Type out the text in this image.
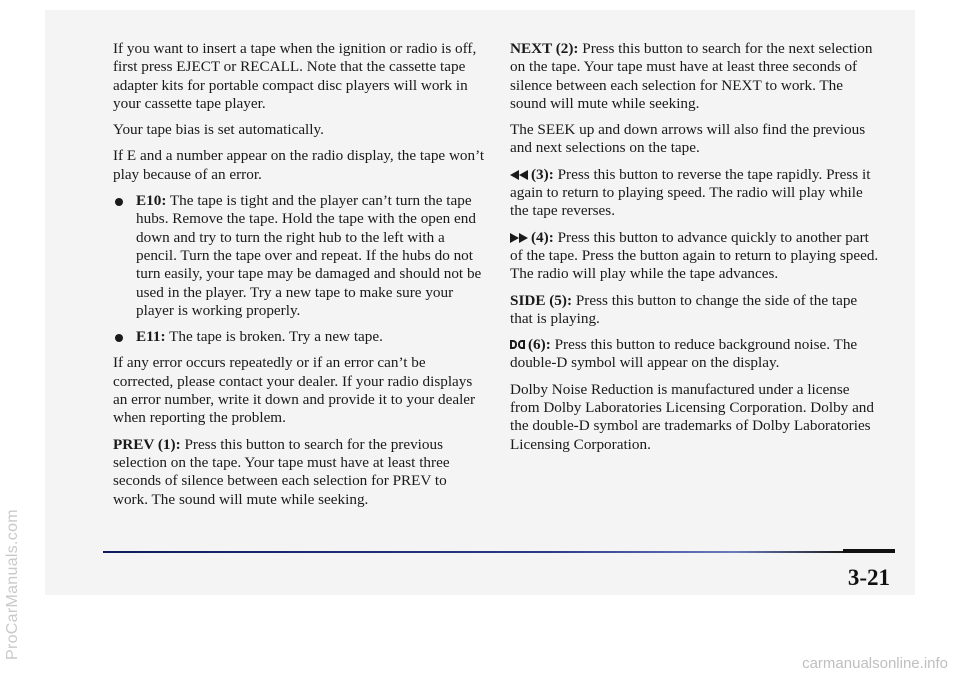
If you want to insert a tape when the ignition or radio is off, first press EJECT or RECALL. Note that the cassette tape adapter kits for portable compact disc players will work in your cassette tape player.

Your tape bias is set automatically.

If E and a number appear on the radio display, the tape won’t play because of an error.

E10: The tape is tight and the player can’t turn the tape hubs. Remove the tape. Hold the tape with the open end down and try to turn the right hub to the left with a pencil. Turn the tape over and repeat. If the hubs do not turn easily, your tape may be damaged and should not be used in the player. Try a new tape to make sure your player is working properly.
E11: The tape is broken. Try a new tape.

If any error occurs repeatedly or if an error can’t be corrected, please contact your dealer. If your radio displays an error number, write it down and provide it to your dealer when reporting the problem.

PREV (1): Press this button to search for the previous selection on the tape. Your tape must have at least three seconds of silence between each selection for PREV to work. The sound will mute while seeking.

NEXT (2): Press this button to search for the next selection on the tape. Your tape must have at least three seconds of silence between each selection for NEXT to work. The sound will mute while seeking.

The SEEK up and down arrows will also find the previous and next selections on the tape.

(3): Press this button to reverse the tape rapidly. Press it again to return to playing speed. The radio will play while the tape reverses.

(4): Press this button to advance quickly to another part of the tape. Press the button again to return to playing speed. The radio will play while the tape advances.

SIDE (5): Press this button to change the side of the tape that is playing.

(6): Press this button to reduce background noise. The double-D symbol will appear on the display.

Dolby Noise Reduction is manufactured under a license from Dolby Laboratories Licensing Corporation. Dolby and the double-D symbol are trademarks of Dolby Laboratories Licensing Corporation.

3-21
ProCarManuals.com
carmanualsonline.info
